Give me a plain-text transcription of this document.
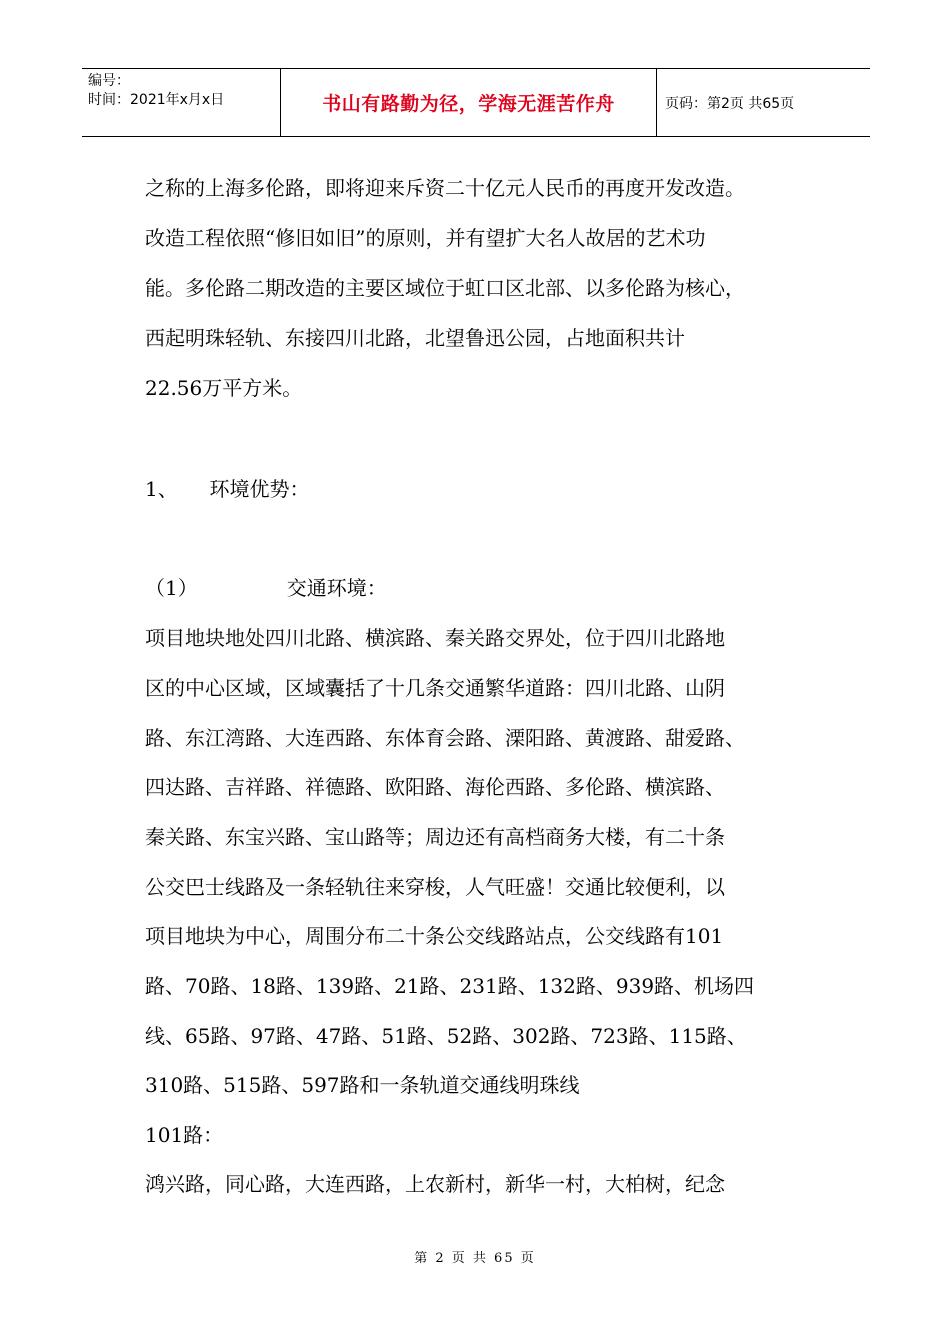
编号：
时间：2021年x月x日	书山有路勤为径，学海无涯苦作舟	页码：第2页 共65页
之称的上海多伦路，即将迎来斥资二十亿元人民币的再度开发改造。
改造工程依照“修旧如旧”的原则，并有望扩大名人故居的艺术功
能。多伦路二期改造的主要区域位于虹口区北部、以多伦路为核心，
西起明珠轻轨、东接四川北路，北望鲁迅公园，占地面积共计
22.56万平方米。
1、     环境优势：
（1）              交通环境：
项目地块地处四川北路、横滨路、秦关路交界处，位于四川北路地
区的中心区域，区域囊括了十几条交通繁华道路：四川北路、山阴
路、东江湾路、大连西路、东体育会路、溧阳路、黄渡路、甜爱路、
四达路、吉祥路、祥德路、欧阳路、海伦西路、多伦路、横滨路、
秦关路、东宝兴路、宝山路等；周边还有高档商务大楼，有二十条
公交巴士线路及一条轻轨往来穿梭，人气旺盛！交通比较便利，以
项目地块为中心，周围分布二十条公交线路站点，公交线路有101
路、70路、18路、139路、21路、231路、132路、939路、机场四
线、65路、97路、47路、51路、52路、302路、723路、115路、
310路、515路、597路和一条轨道交通线明珠线
101路：
鸿兴路，同心路，大连西路，上农新村，新华一村，大柏树，纪念
第 2 页 共 65 页
